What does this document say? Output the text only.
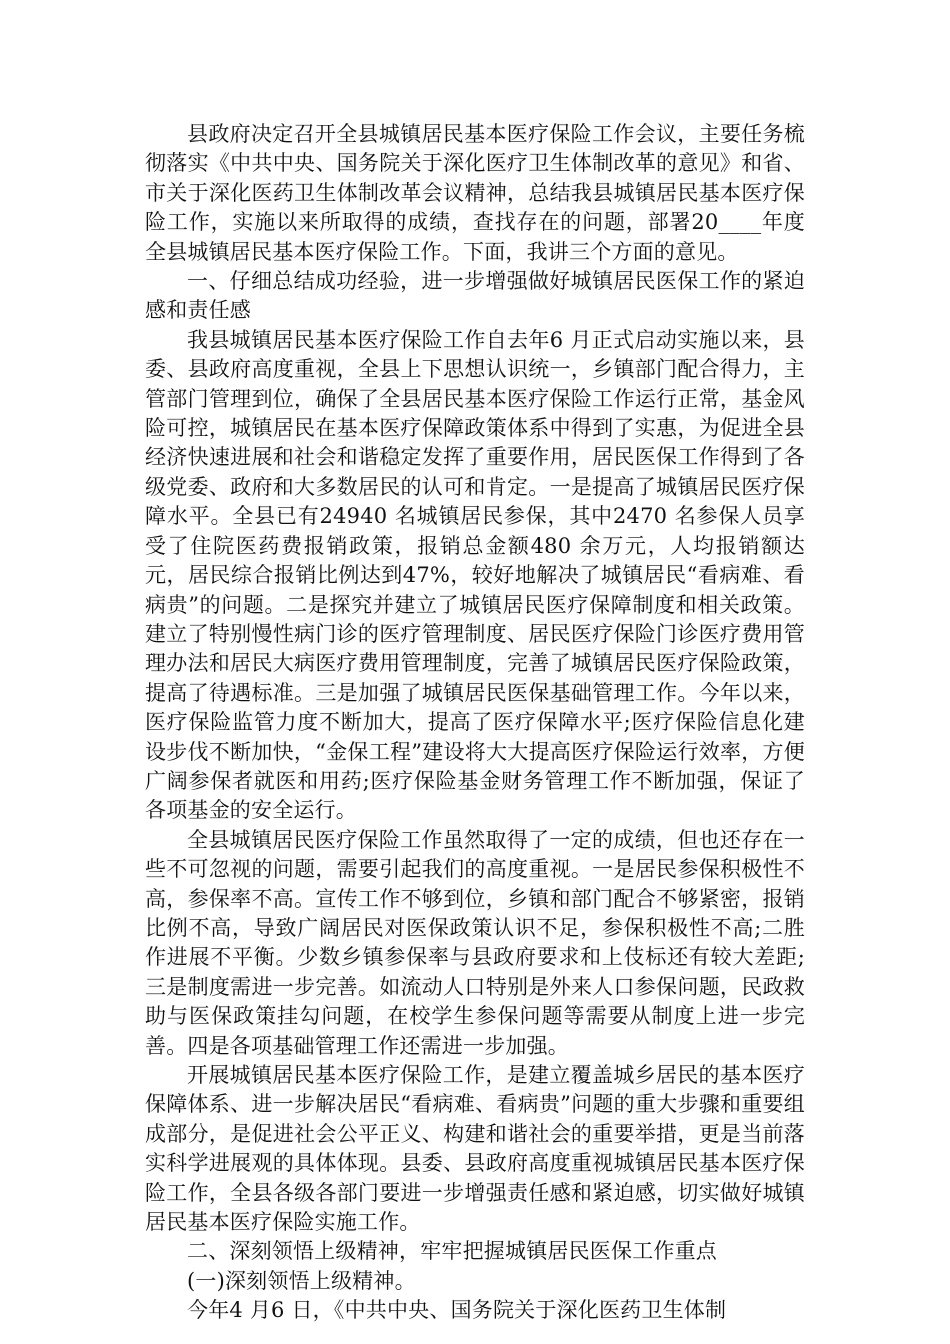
县政府决定召开全县城镇居民基本医疗保险工作会议，主要任务梳彻落实《中共中央、国务院关于深化医疗卫生体制改革的意见》和省、市关于深化医药卫生体制改革会议精神，总结我县城镇居民基本医疗保险工作，实施以来所取得的成绩，查找存在的问题，部署20____年度全县城镇居民基本医疗保险工作。下面，我讲三个方面的意见。

一、仔细总结成功经验，进一步增强做好城镇居民医保工作的紧迫感和责任感

我县城镇居民基本医疗保险工作自去年6 月正式启动实施以来，县委、县政府高度重视，全县上下思想认识统一，乡镇部门配合得力，主管部门管理到位，确保了全县居民基本医疗保险工作运行正常，基金风险可控，城镇居民在基本医疗保障政策体系中得到了实惠，为促进全县经济快速进展和社会和谐稳定发挥了重要作用，居民医保工作得到了各级党委、政府和大多数居民的认可和肯定。一是提高了城镇居民医疗保障水平。全县已有24940 名城镇居民参保，其中2470 名参保人员享受了住院医药费报销政策，报销总金额480 余万元，人均报销额达 元，居民综合报销比例达到47%，较好地解决了城镇居民“看病难、看病贵”的问题。二是探究并建立了城镇居民医疗保障制度和相关政策。建立了特别慢性病门诊的医疗管理制度、居民医疗保险门诊医疗费用管理办法和居民大病医疗费用管理制度，完善了城镇居民医疗保险政策，提高了待遇标准。三是加强了城镇居民医保基础管理工作。今年以来，医疗保险监管力度不断加大，提高了医疗保障水平;医疗保险信息化建设步伐不断加快，“金保工程”建设将大大提高医疗保险运行效率，方便广阔参保者就医和用药;医疗保险基金财务管理工作不断加强，保证了各项基金的安全运行。

全县城镇居民医疗保险工作虽然取得了一定的成绩，但也还存在一些不可忽视的问题，需要引起我们的高度重视。一是居民参保积极性不高，参保率不高。宣传工作不够到位，乡镇和部门配合不够紧密，报销比例不高，导致广阔居民对医保政策认识不足，参保积极性不高;二胜作进展不平衡。少数乡镇参保率与县政府要求和上伎标还有较大差距;三是制度需进一步完善。如流动人口特别是外来人口参保问题，民政救助与医保政策挂勾问题，在校学生参保问题等需要从制度上进一步完善。四是各项基础管理工作还需进一步加强。

开展城镇居民基本医疗保险工作，是建立覆盖城乡居民的基本医疗保障体系、进一步解决居民“看病难、看病贵”问题的重大步骤和重要组成部分，是促进社会公平正义、构建和谐社会的重要举措，更是当前落实科学进展观的具体体现。县委、县政府高度重视城镇居民基本医疗保险工作，全县各级各部门要进一步增强责任感和紧迫感，切实做好城镇居民基本医疗保险实施工作。

二、深刻领悟上级精神，牢牢把握城镇居民医保工作重点

(一)深刻领悟上级精神。

今年4 月6 日，《中共中央、国务院关于深化医药卫生体制
